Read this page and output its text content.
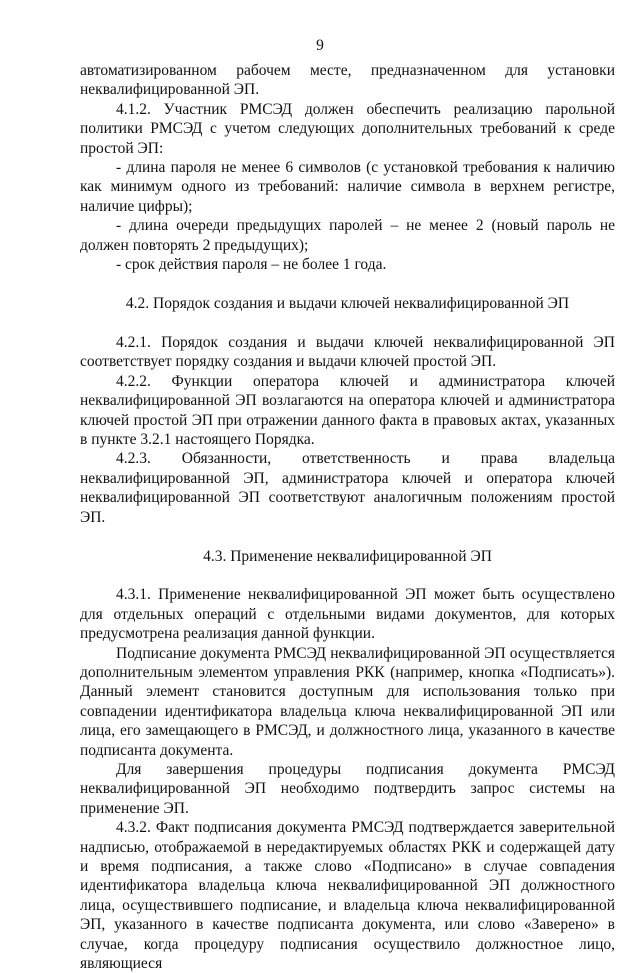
9

автоматизированном рабочем месте, предназначенном для установки неквалифицированной ЭП.

4.1.2. Участник РМСЭД должен обеспечить реализацию парольной политики РМСЭД с учетом следующих дополнительных требований к среде простой ЭП:

- длина пароля не менее 6 символов (с установкой требования к наличию как минимум одного из требований: наличие символа в верхнем регистре, наличие цифры);

- длина очереди предыдущих паролей – не менее 2 (новый пароль не должен повторять 2 предыдущих);

- срок действия пароля – не более 1 года.

4.2. Порядок создания и выдачи ключей неквалифицированной ЭП

4.2.1. Порядок создания и выдачи ключей неквалифицированной ЭП соответствует порядку создания и выдачи ключей простой ЭП.

4.2.2. Функции оператора ключей и администратора ключей неквалифицированной ЭП возлагаются на оператора ключей и администратора ключей простой ЭП при отражении данного факта в правовых актах, указанных в пункте 3.2.1 настоящего Порядка.

4.2.3. Обязанности, ответственность и права владельца неквалифицированной ЭП, администратора ключей и оператора ключей неквалифицированной ЭП соответствуют аналогичным положениям простой ЭП.

4.3. Применение неквалифицированной ЭП

4.3.1. Применение неквалифицированной ЭП может быть осуществлено для отдельных операций с отдельными видами документов, для которых предусмотрена реализация данной функции.

Подписание документа РМСЭД неквалифицированной ЭП осуществляется дополнительным элементом управления РКК (например, кнопка «Подписать»). Данный элемент становится доступным для использования только при совпадении идентификатора владельца ключа неквалифицированной ЭП или лица, его замещающего в РМСЭД, и должностного лица, указанного в качестве подписанта документа.

Для завершения процедуры подписания документа РМСЭД неквалифицированной ЭП необходимо подтвердить запрос системы на применение ЭП.

4.3.2. Факт подписания документа РМСЭД подтверждается заверительной надписью, отображаемой в нередактируемых областях РКК и содержащей дату и время подписания, а также слово «Подписано» в случае совпадения идентификатора владельца ключа неквалифицированной ЭП должностного лица, осуществившего подписание, и владельца ключа неквалифицированной ЭП, указанного в качестве подписанта документа, или слово «Заверено» в случае, когда процедуру подписания осуществило должностное лицо, являющиеся
